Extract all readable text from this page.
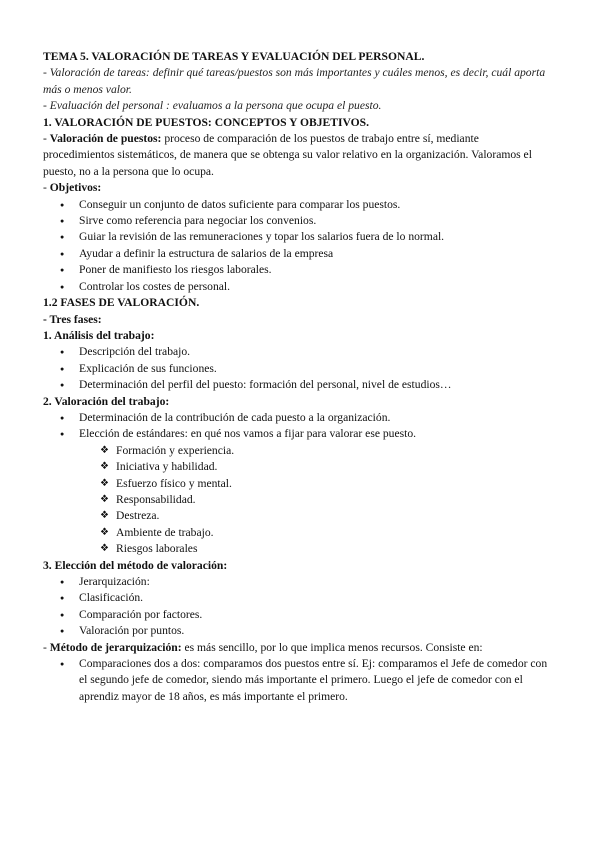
TEMA 5. VALORACIÓN DE TAREAS Y EVALUACIÓN DEL PERSONAL.

- Valoración de tareas: definir qué tareas/puestos son más importantes y cuáles menos, es decir, cuál aporta más o menos valor.

- Evaluación del personal : evaluamos a la persona que ocupa el puesto.

1. VALORACIÓN DE PUESTOS: CONCEPTOS Y OBJETIVOS.

- Valoración de puestos: proceso de comparación de los puestos de trabajo entre sí, mediante procedimientos sistemáticos, de manera que se obtenga su valor relativo en la organización. Valoramos el puesto, no a la persona que lo ocupa.

- Objetivos:

● Conseguir un conjunto de datos suficiente para comparar los puestos.
● Sirve como referencia para negociar los convenios.
● Guiar la revisión de las remuneraciones y topar los salarios fuera de lo normal.
● Ayudar a definir la estructura de salarios de la empresa
● Poner de manifiesto los riesgos laborales.
● Controlar los costes de personal.

1.2 FASES DE VALORACIÓN.

- Tres fases:

1. Análisis del trabajo:

● Descripción del trabajo.
● Explicación de sus funciones.
● Determinación del perfil del puesto: formación del personal, nivel de estudios…

2. Valoración del trabajo:

● Determinación de la contribución de cada puesto a la organización.
● Elección de estándares: en qué nos vamos a fijar para valorar ese puesto.
❖ Formación y experiencia.
❖ Iniciativa y habilidad.
❖ Esfuerzo físico y mental.
❖ Responsabilidad.
❖ Destreza.
❖ Ambiente de trabajo.
❖ Riesgos laborales

3. Elección del método de valoración:

● Jerarquización:
● Clasificación.
● Comparación por factores.
● Valoración por puntos.

- Método de jerarquización: es más sencillo, por lo que implica menos recursos. Consiste en:

● Comparaciones dos a dos: comparamos dos puestos entre sí. Ej: comparamos el Jefe de comedor con el segundo jefe de comedor, siendo más importante el primero. Luego el jefe de comedor con el aprendiz mayor de 18 años, es más importante el primero.
